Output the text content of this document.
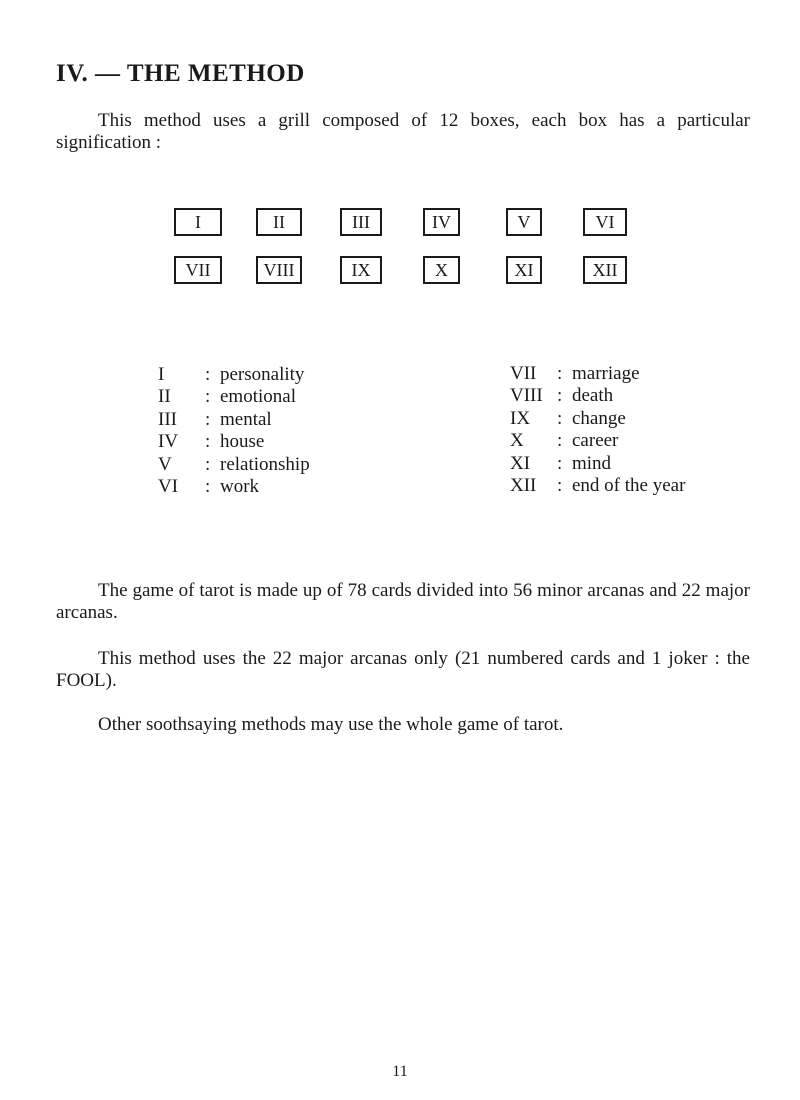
IV. — THE METHOD

This method uses a grill composed of 12 boxes, each box has a particular signification :

I	II	III	IV	V	VI
VII	VIII	IX	X	XI	XII
I	: personality
II	: emotional
III	: mental
IV	: house
V	: relationship
VI	: work
VII	: marriage
VIII : death
IX	: change
X	: career
XI	: mind
XII	: end of the year

The game of tarot is made up of 78 cards divided into 56 minor arcanas and 22 major arcanas.

This method uses the 22 major arcanas only (21 numbered cards and 1 joker : the FOOL).

Other soothsaying methods may use the whole game of tarot.

11
